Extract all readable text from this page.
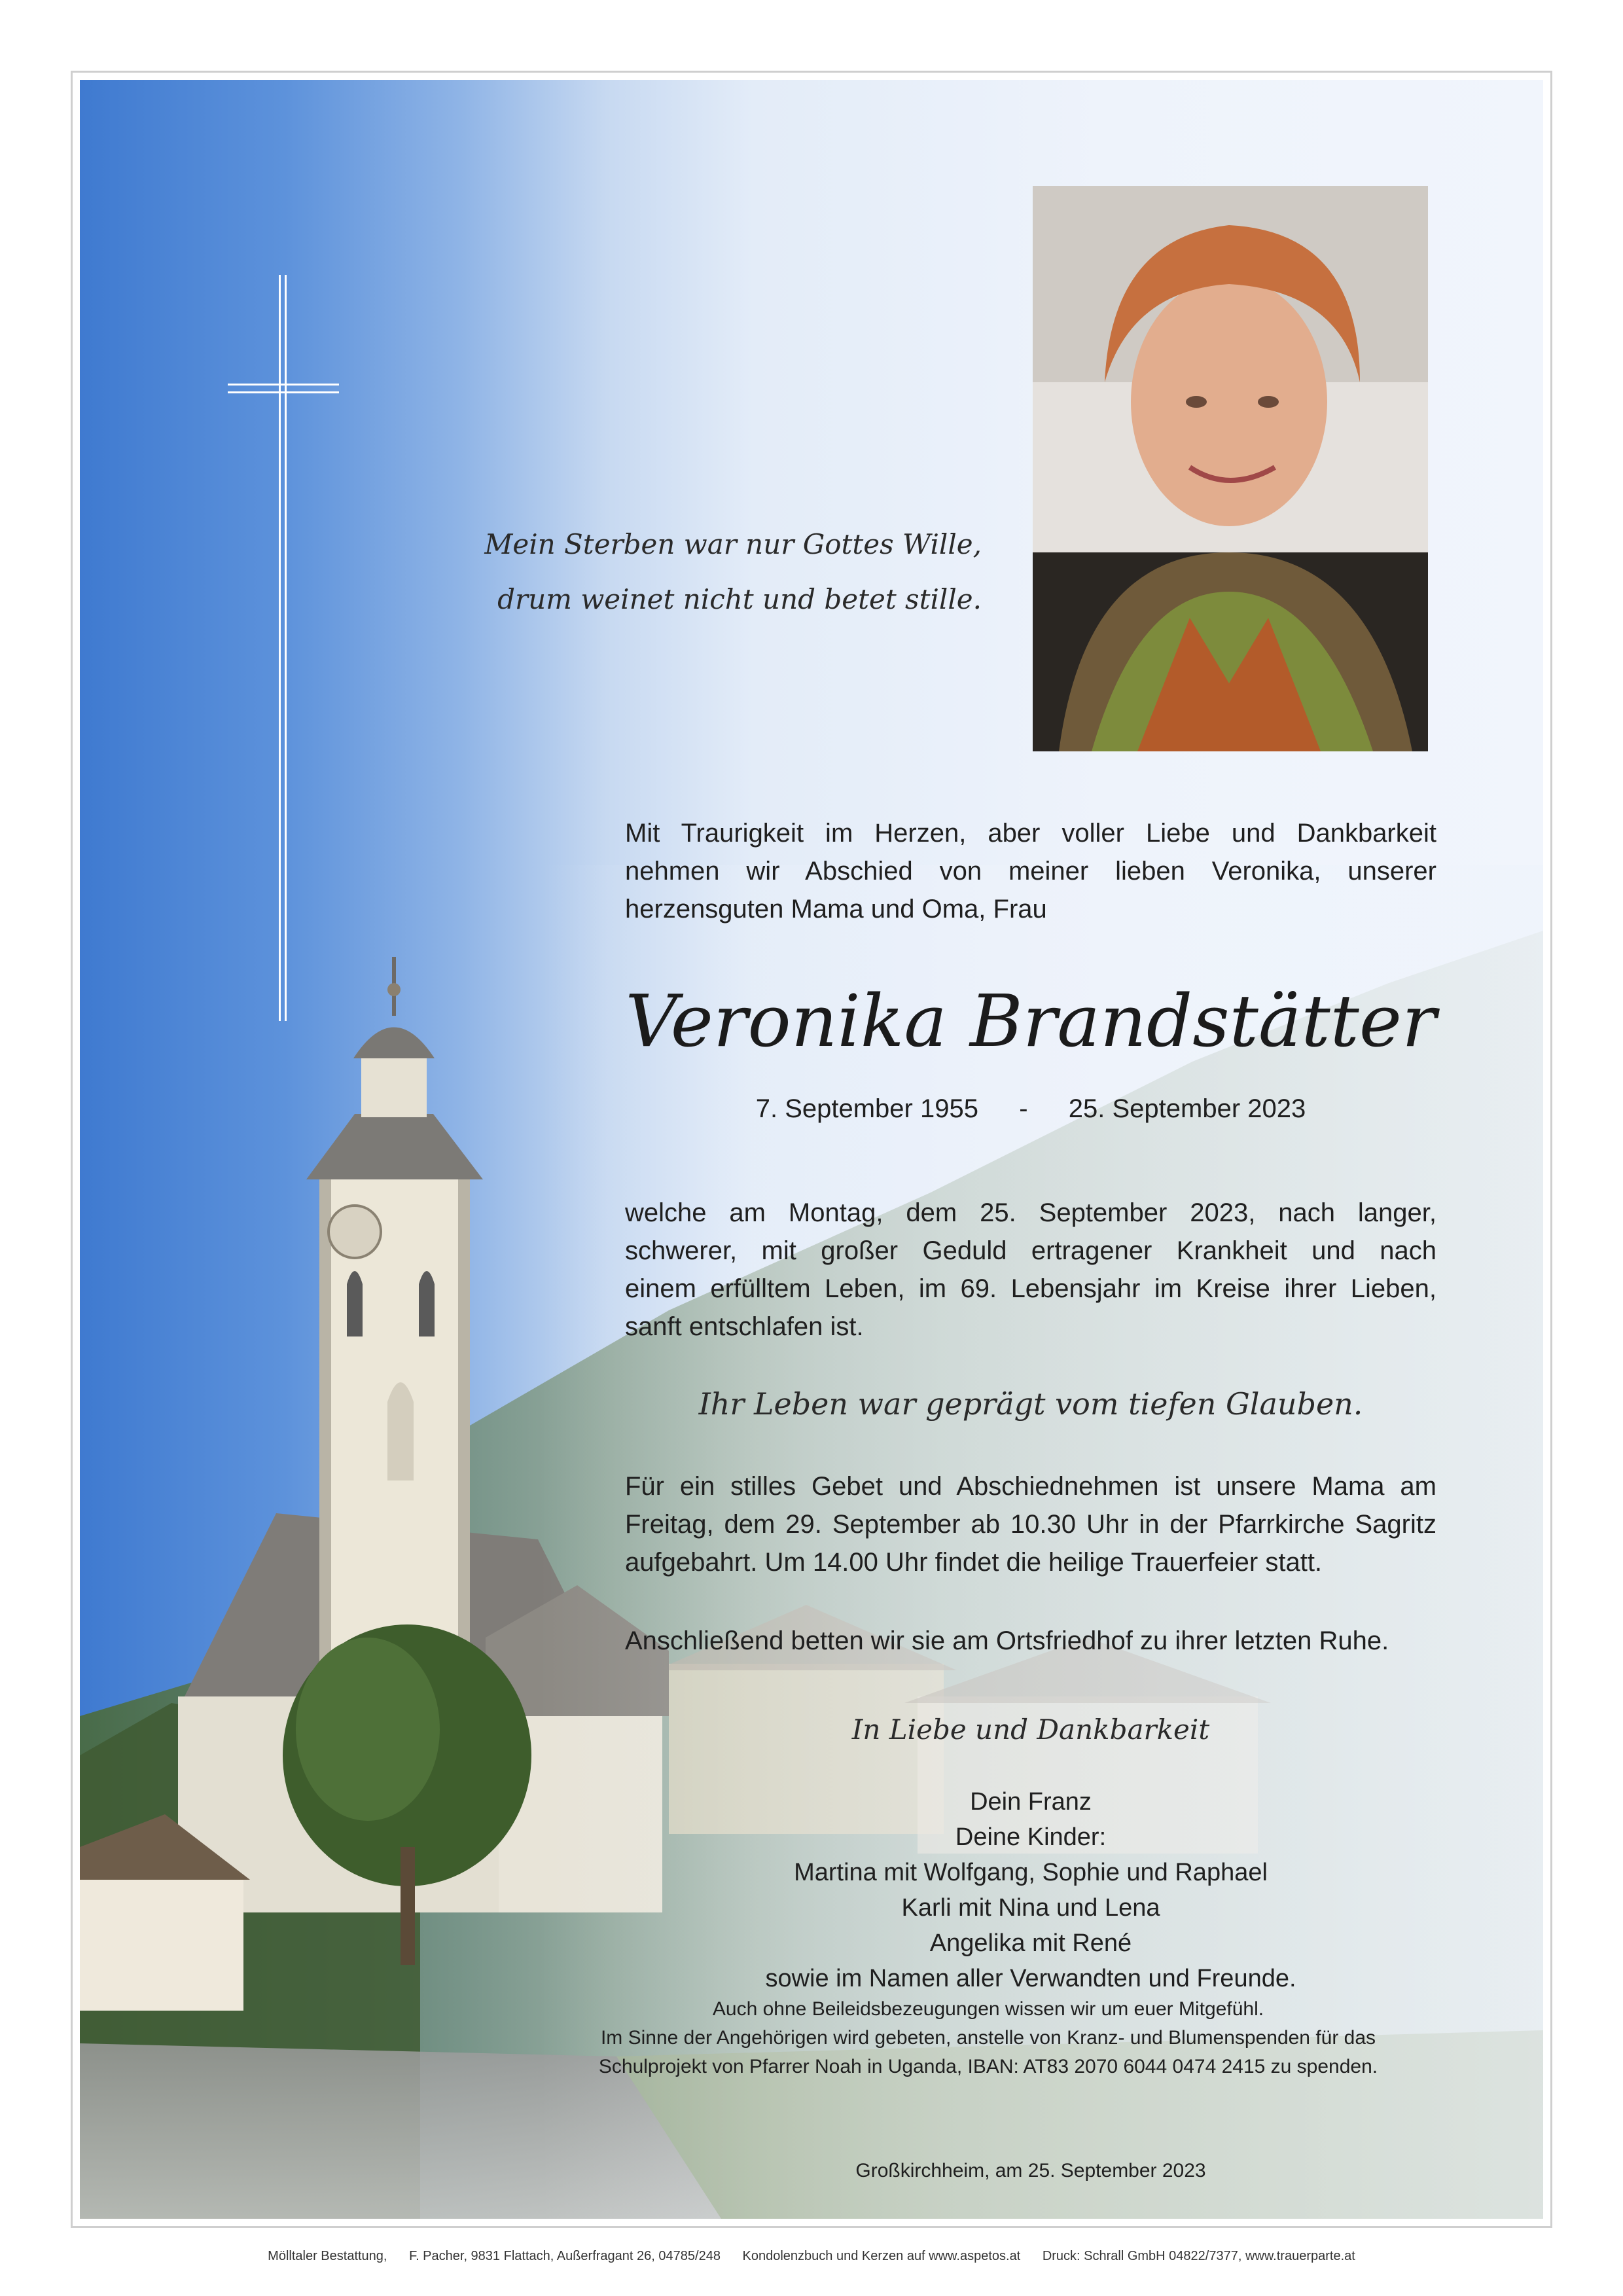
Mein Sterben war nur Gottes Wille,
drum weinet nicht und betet stille.
Mit Traurigkeit im Herzen, aber voller Liebe und Dankbarkeit
nehmen wir Abschied von meiner lieben Veronika, unserer
herzensguten Mama und Oma, Frau
Veronika Brandstätter
7. September 1955 - 25. September 2023
welche am Montag, dem 25. September 2023, nach langer,
schwerer, mit großer Geduld ertragener Krankheit und nach
einem erfülltem Leben, im 69. Lebensjahr im Kreise ihrer Lieben,
sanft entschlafen ist.
Ihr Leben war geprägt vom tiefen Glauben.
Für ein stilles Gebet und Abschiednehmen ist unsere Mama am
Freitag, dem 29. September ab 10.30 Uhr in der Pfarrkirche Sagritz
aufgebahrt. Um 14.00 Uhr findet die heilige Trauerfeier statt.
Anschließend betten wir sie am Ortsfriedhof zu ihrer letzten Ruhe.
In Liebe und Dankbarkeit
Dein Franz
Deine Kinder:
Martina mit Wolfgang, Sophie und Raphael
Karli mit Nina und Lena
Angelika mit René
sowie im Namen aller Verwandten und Freunde.
Auch ohne Beileidsbezeugungen wissen wir um euer Mitgefühl.
Im Sinne der Angehörigen wird gebeten, anstelle von Kranz- und Blumenspenden für das
Schulprojekt von Pfarrer Noah in Uganda, IBAN: AT83 2070 6044 0474 2415 zu spenden.
Großkirchheim, am 25. September 2023
Mölltaler Bestattung, F. Pacher, 9831 Flattach, Außerfragant 26, 04785/248 Kondolenzbuch und Kerzen auf www.aspetos.at Druck: Schrall GmbH 04822/7377, www.trauerparte.at
